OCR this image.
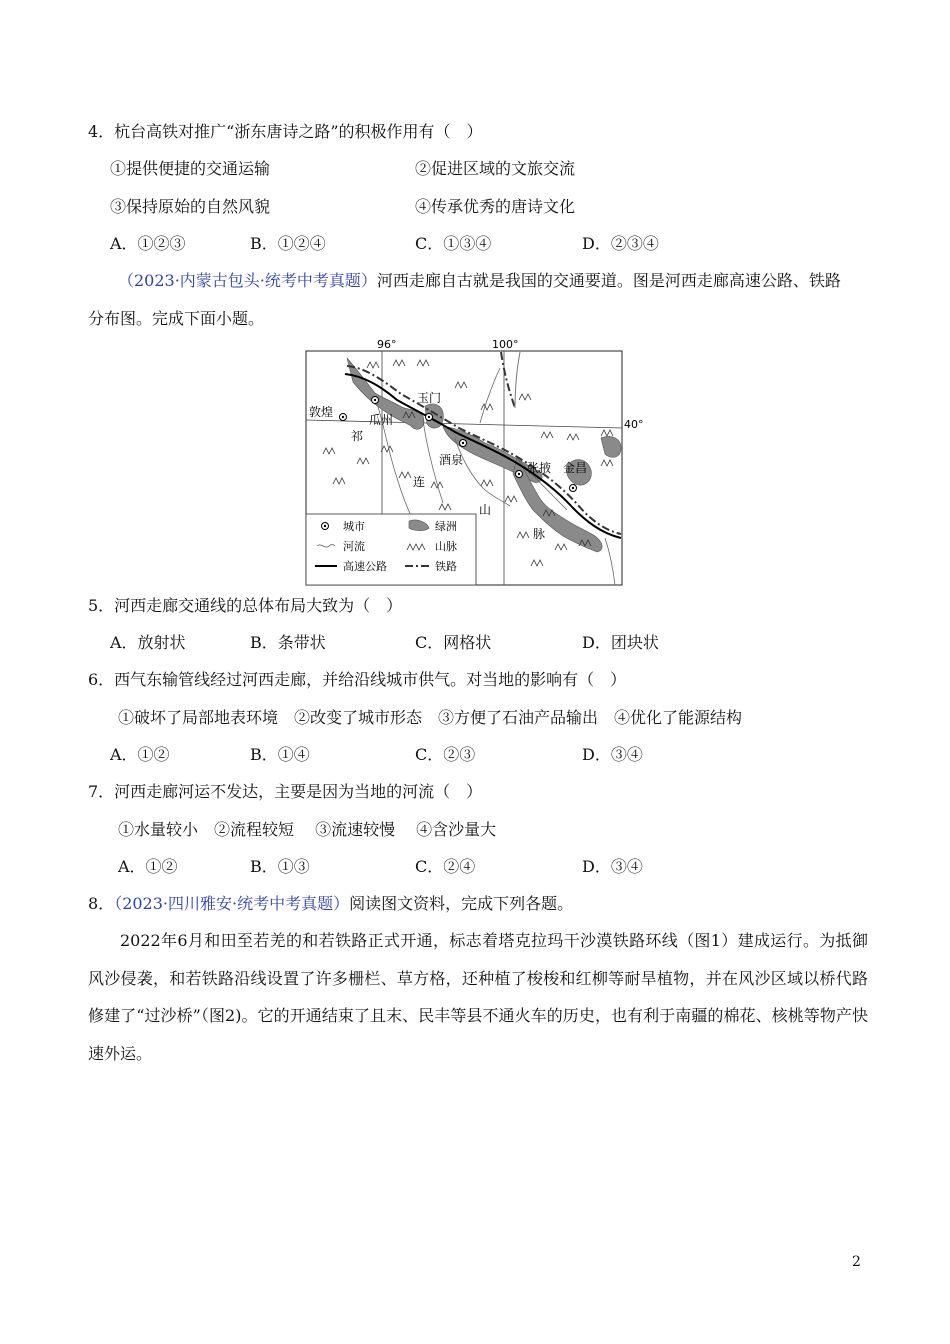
4．杭台高铁对推广“浙东唐诗之路”的积极作用有（　）
①提供便捷的交通运输	②促进区域的文旅交流
③保持原始的自然风貌	④传承优秀的唐诗文化
A．①②③	B．①②④	C．①③④	D．②③④
（2023·内蒙古包头·统考中考真题）河西走廊自古就是我国的交通要道。图是河西走廊高速公路、铁路
分布图。完成下面小题。
96°	100°
40°
敦煌
瓜州
玉门
酒泉
张掖 金昌
祁
连
山
脉
城市	绿洲
河流	山脉
高速公路	铁路
5．河西走廊交通线的总体布局大致为（　）
A．放射状	B．条带状	C．网格状	D．团块状
6．西气东输管线经过河西走廊，并给沿线城市供气。对当地的影响有（　）
①破坏了局部地表环境　②改变了城市形态　③方便了石油产品输出　④优化了能源结构
A．①②	B．①④	C．②③	D．③④
7．河西走廊河运不发达，主要是因为当地的河流（　）
①水量较小　②流程较短　 ③流速较慢　 ④含沙量大
A．①②	B．①③	C．②④	D．③④
8．（2023·四川雅安·统考中考真题）阅读图文资料，完成下列各题。
2022年6月和田至若羌的和若铁路正式开通，标志着塔克拉玛干沙漠铁路环线（图1）建成运行。为抵御风沙侵袭，和若铁路沿线设置了许多栅栏、草方格，还种植了梭梭和红柳等耐旱植物，并在风沙区域以桥代路修建了“过沙桥”（图2)。它的开通结束了且末、民丰等县不通火车的历史，也有利于南疆的棉花、核桃等物产快速外运。
2
